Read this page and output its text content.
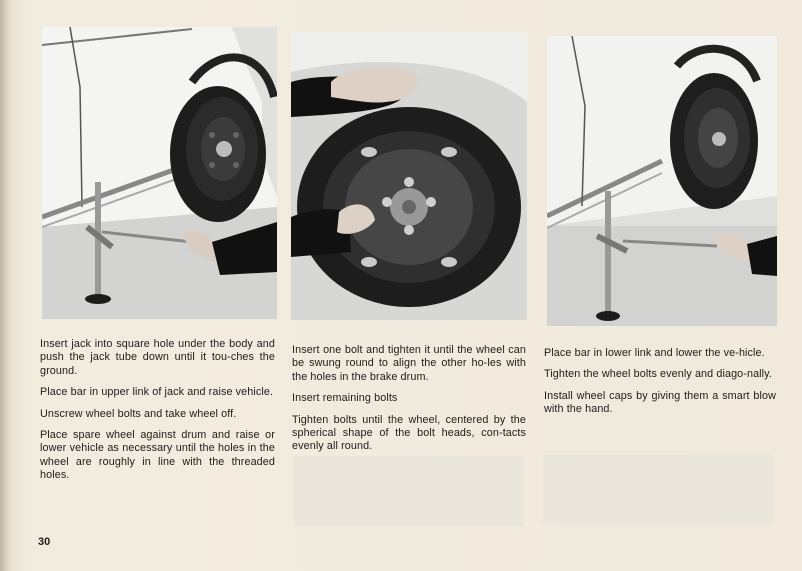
Insert jack into square hole under the body and push the jack tube down until it tou-ches the ground.

Place bar in upper link of jack and raise vehicle.

Unscrew wheel bolts and take wheel off.

Place spare wheel against drum and raise or lower vehicle as necessary until the holes in the wheel are roughly in line with the threaded holes.

Insert one bolt and tighten it until the wheel can be swung round to align the other ho-les with the holes in the brake drum.

Insert remaining bolts

Tighten bolts until the wheel, centered by the spherical shape of the bolt heads, con-tacts evenly all round.

Place bar in lower link and lower the ve-hicle.

Tighten the wheel bolts evenly and diago-nally.

Install wheel caps by giving them a smart blow with the hand.

30
